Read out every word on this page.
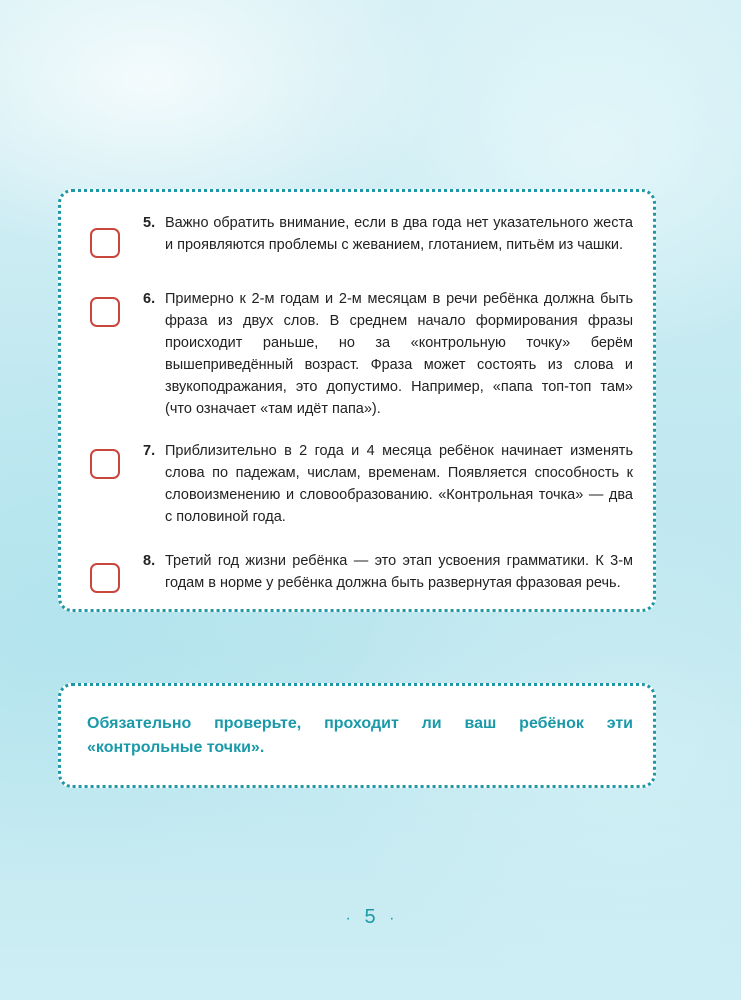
5. Важно обратить внимание, если в два года нет указательного жеста и проявляются проблемы с жеванием, глотанием, питьём из чашки.
6. Примерно к 2-м годам и 2-м месяцам в речи ребёнка должна быть фраза из двух слов. В среднем начало формирования фразы происходит раньше, но за «контрольную точку» берём вышеприведённый возраст. Фраза может состоять из слова и звукоподражания, это допустимо. Например, «папа топ-топ там» (что означает «там идёт папа»).
7. Приблизительно в 2 года и 4 месяца ребёнок начинает изменять слова по падежам, числам, временам. Появляется способность к словоизменению и словообразованию. «Контрольная точка» — два с половиной года.
8. Третий год жизни ребёнка — это этап усвоения грамматики. К 3-м годам в норме у ребёнка должна быть развернутая фразовая речь.
Обязательно проверьте, проходит ли ваш ребёнок эти «контрольные точки».
· 5 ·
